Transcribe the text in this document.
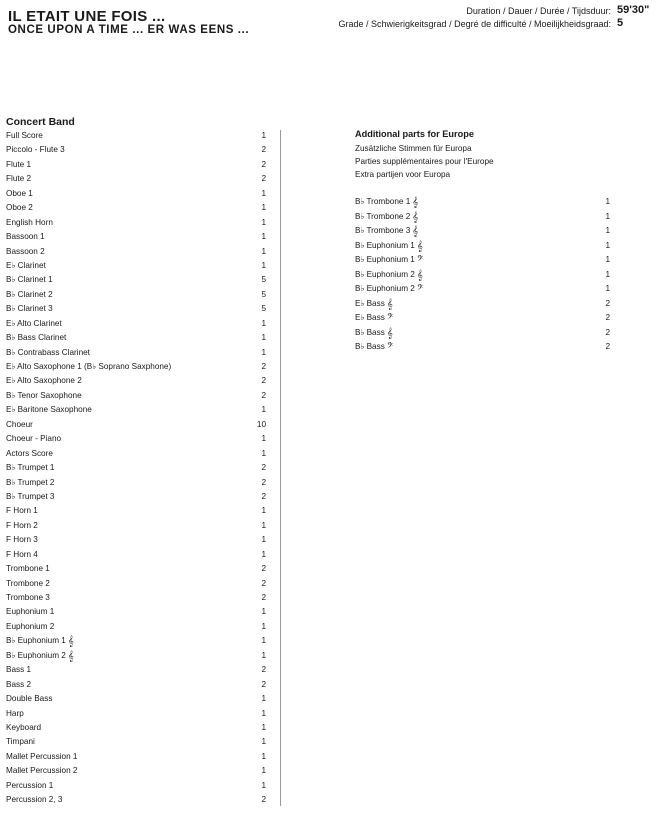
IL ETAIT UNE FOIS ...
ONCE UPON A TIME ... ER WAS EENS ...
Duration / Dauer / Durée / Tijdsduur: 59'30"
Grade / Schwierigkeitsgrad / Degré de difficulté / Moeilijkheidsgraad: 5
Concert Band
Full Score	1
Piccolo - Flute 3	2
Flute 1	2
Flute 2	2
Oboe 1	1
Oboe 2	1
English Horn	1
Bassoon 1	1
Bassoon 2	1
E♭ Clarinet	1
B♭ Clarinet 1	5
B♭ Clarinet 2	5
B♭ Clarinet 3	5
E♭ Alto Clarinet	1
B♭ Bass Clarinet	1
B♭ Contrabass Clarinet	1
E♭ Alto Saxophone 1 (B♭ Soprano Saxphone)	2
E♭ Alto Saxophone 2	2
B♭ Tenor Saxophone	2
E♭ Baritone Saxophone	1
Choeur	10
Choeur - Piano	1
Actors Score	1
B♭ Trumpet 1	2
B♭ Trumpet 2	2
B♭ Trumpet 3	2
F Horn 1	1
F Horn 2	1
F Horn 3	1
F Horn 4	1
Trombone 1	2
Trombone 2	2
Trombone 3	2
Euphonium 1	1
Euphonium 2	1
B♭ Euphonium 1 𝄞	1
B♭ Euphonium 2 𝄞	1
Bass 1	2
Bass 2	2
Double Bass	1
Harp	1
Keyboard	1
Timpani	1
Mallet Percussion 1	1
Mallet Percussion 2	1
Percussion 1	1
Percussion 2, 3	2
Additional parts for Europe
Zusätzliche Stimmen für Europa
Parties supplémentaires pour l'Europe
Extra partijen voor Europa
B♭ Trombone 1 𝄞	1
B♭ Trombone 2 𝄞	1
B♭ Trombone 3 𝄞	1
B♭ Euphonium 1 𝄞	1
B♭ Euphonium 1 𝄢	1
B♭ Euphonium 2 𝄞	1
B♭ Euphonium 2 𝄢	1
E♭ Bass 𝄞	2
E♭ Bass 𝄢	2
B♭ Bass 𝄞	2
B♭ Bass 𝄢	2
